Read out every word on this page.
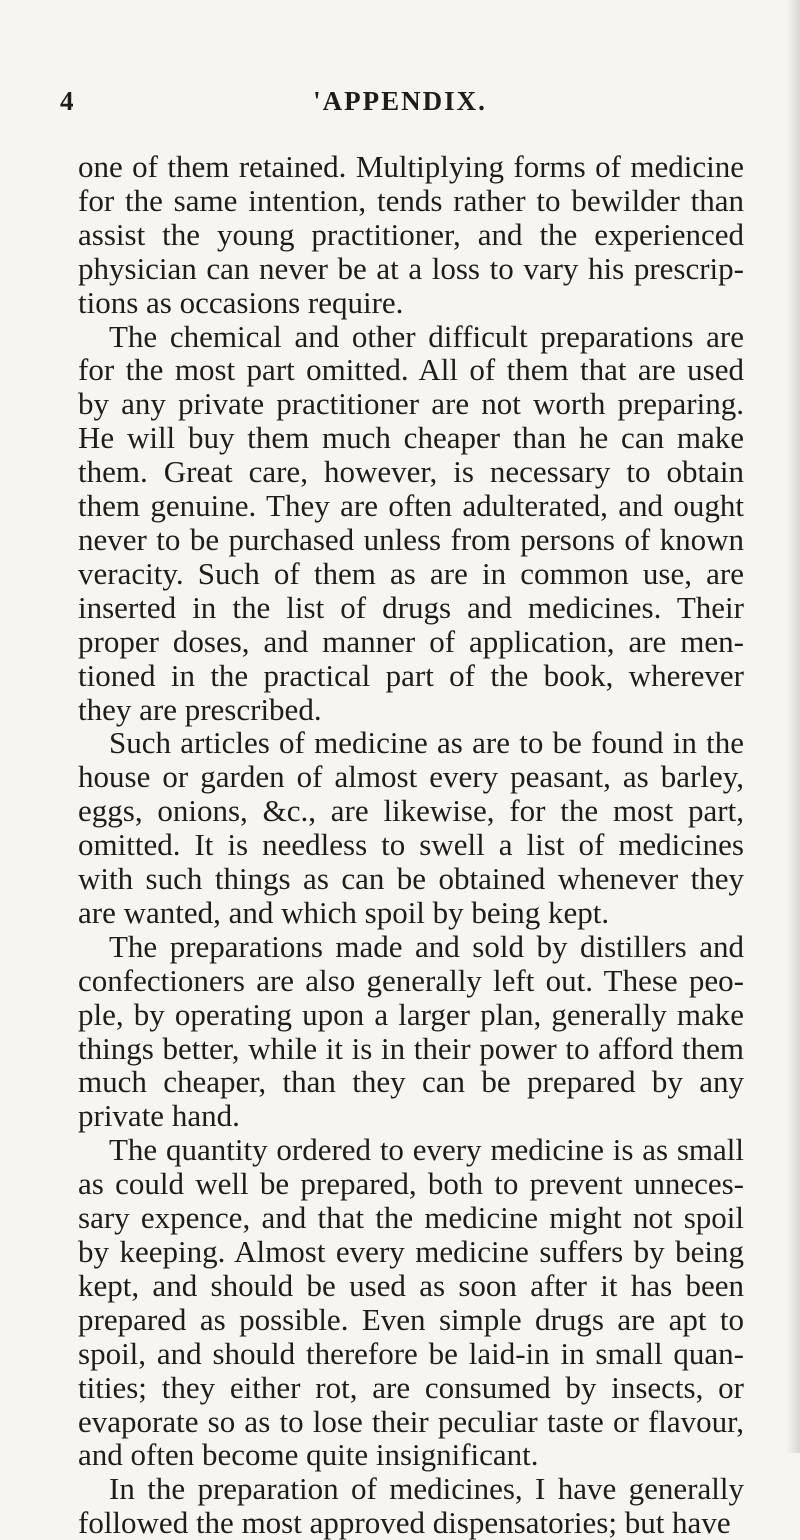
4	'APPENDIX.

one of them retained. Multiplying forms of medicine for the same intention, tends rather to bewilder than assist the young practitioner, and the experienced physician can never be at a loss to vary his prescriptions as occasions require.

The chemical and other difficult preparations are for the most part omitted. All of them that are used by any private practitioner are not worth preparing. He will buy them much cheaper than he can make them. Great care, however, is necessary to obtain them genuine. They are often adulterated, and ought never to be purchased unless from persons of known veracity. Such of them as are in common use, are inserted in the list of drugs and medicines. Their proper doses, and manner of application, are mentioned in the practical part of the book, wherever they are prescribed.

Such articles of medicine as are to be found in the house or garden of almost every peasant, as barley, eggs, onions, &c., are likewise, for the most part, omitted. It is needless to swell a list of medicines with such things as can be obtained whenever they are wanted, and which spoil by being kept.

The preparations made and sold by distillers and confectioners are also generally left out. These people, by operating upon a larger plan, generally make things better, while it is in their power to afford them much cheaper, than they can be prepared by any private hand.

The quantity ordered to every medicine is as small as could well be prepared, both to prevent unnecessary expence, and that the medicine might not spoil by keeping. Almost every medicine suffers by being kept, and should be used as soon after it has been prepared as possible. Even simple drugs are apt to spoil, and should therefore be laid-in in small quantities; they either rot, are consumed by insects, or evaporate so as to lose their peculiar taste or flavour, and often become quite insignificant.

In the preparation of medicines, I have generally followed the most approved dispensatories; but have
